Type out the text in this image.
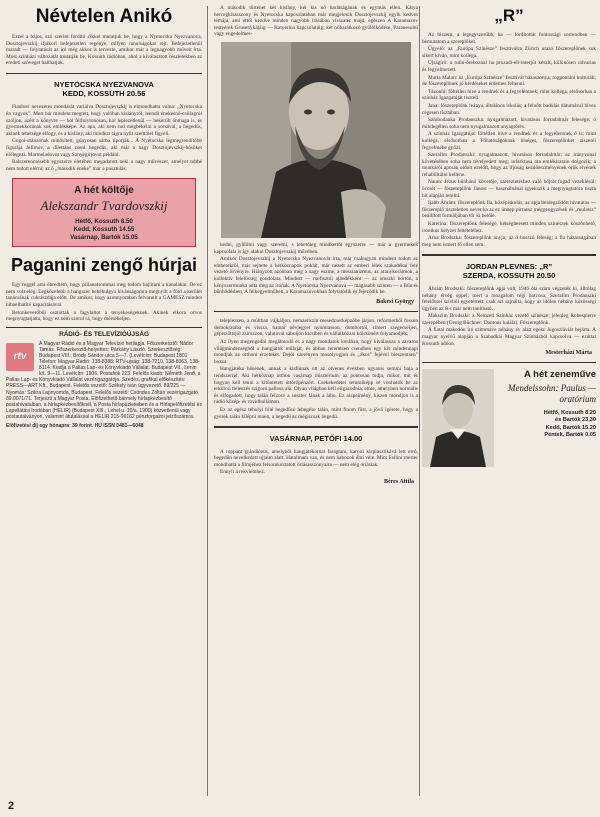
Névtelen Anikó

Ezzel a bájos, szó szerint forditó cikkel mutatjuk be, hogy a Nyetocska Nyezvanova, Dosztojevszkij ifjúkori befejezetlen regénye, milyen tanulságokat rejt. Befejezetlenül maradt — folytatását az író még akkor is tervezte, amikor már a legnagyobb műveit írta. Most színházi változatát mutatják be, Kossuth rádióban, ahol a kiválasztott részletekben az eredeti szöveget hallhatjuk.

NYETOCSKA NYEZVANOVA
KEDD, KOSSUTH 20.56

Flauberi nevezetes mondását variálva Dosztojevszkij is elmondhatta volna: „Nyetocska én vagyok”. Mert bár mindent megtett, hogy valóban kislányról, leendő énekesnő-csillagról szóljon, azért a könyvre — hol félfolytonosan, hol leplezetlenül — bekerült önmaga is, és gyermekkorának sok emlékképe. Az apa, aki nem tud megbékélni a sorsával, a hegedűs, akinek tehetsége elfogy, és a kislány, aki mindezt tágra nyílt szemmel figyeli.

Gogol-utánzónak minősített, gúnyosan sárba tiporják... A Nyetocska legmegrendítőbb figurája Jefimov, a dilettáns zseni hegedűs, aki már a nagy Dosztojevszkij-hősöket előlegezi. Marmeladovot vagy Sznyegirjovot például.

Balszerencsésebb egyszerre életében megadatott neki a nagy művészet, amelyet tobbé nem tudott elérni; az ő „második éneke” már a pusztulás.

A hét költője
Alekszandr Tvardovszkij
Hétfő, Kossuth 8.50
Kedd, Kossuth 14.55
Vasárnap, Bartók 15.05
Paganini zengő húrjai

Egy reggel arra ébredtem, hogy pillanatsommal meg tudom hajlítani a kanalakat. De ez nem volt elég. Legközelebb a hangszer bebéhulgya kivánságomra megnyílt a föld a kerület tanácsának cukrászdája előtt. De amikor, hogy azonnyomban felvonult a GAMESZ minden hibaelhárító kapacitásával.

Betonkeverőből osztottak a fagylaltot a tenyékeségeknek. Akinek elkora orvos megnyugtatjatta, hogy ez nem szorul rá, hogy mérsékeljen.

RÁDIÓ- ÉS TELEVÍZIÓÚJSÁG
rtv

A Magyar Rádió és a Magyar Televízió hetilapja. Főszerkesztő: Nádor Tamás. Főszerkesztő-helyettes: Párkány László. Szerkesztőség: Budapest VIII., Bródy Sándor utca 5—7. (Levélcím: Budapest 1801 Telefon: Magyar Rádió: 138-8388; RTV-ujság: 138-7210, 138-8063, 138-8114. Kiadja a Pallas Lap- és Könyvkiadó Vállalat. Budapest VII., Lenin krt. 9—11. Levélcím: 1906. Postafiók 223. Felelős kiadó: Németh Jenő, a Pallas Lap- és Könyvkiadó Vállalat vezérigazgatója. Szedés, grafikai előkészítés: PRESS—ART Kft., Budapest. Felelős vezető: Székely Iván ügyvezető. 89/225 — Nyomás: Szikra Lapnyomda, Budapest. Felelős vezető: Csöndes Zoltán vezérigazgató. 89.0071/71. Terjeszti a Magyar Posta. Előfizethető bármely hírlapkézbesítő postahivatalban, a hírlapkézbesítőknél, a Posta hírlapüzleteiben és a Hírlapelőfizetési és Lapellátási Irodában (HELIR) (Budapest XIII., Lehel u. 10/a. 1900) közvetlenül vagy postautalványon, valamint átutalással a HELIR 215-96162 pénzforgalmi jelzőszámra.

Előfizetési díj egy hónapra: 39 forint. HU ISSN 0481—6048

A második történet két kislány, két kis nő barátságának és egymás ellen. Kátya hercegkisasszony és Nyetocska kapcsolatában már megjelenik Dosztojevszkij egyik kedves témája, ami ettől kezdve minden nagyobb írásában visszatér majd, egészen A Karamazov testvérek Grusenykájáig — Katyerina kapcsolatáig: két nőbarátkozó gyűlölködése. Paranesolni vagy engedelmes-

kedni, gyűlölni vagy szeretni, s lehetőleg mindkettőt egyszerre — már a gyermekek kapcsolata is így alakul Dosztojevszkij művében.

Amikor Dosztojevszkij a Nyetocska Nyezvanovát írta, már csakugyan mindent tudott az emberekről, már sejtette a hétköznapok poklát, már nézett az emberi lélek szakadékai felé vezető ösvényre. Hiányzott azonban még a nagy eszme, a messianizmus, az aranykorálmok, a kollektív felelősség gondolata. Mindezt — mefisztói ajándékként — az omszki börtön, a kényszermunka adta meg az írónak. A Nyetocska Nyezvanova — magasabb színten — a Bűn és bűnhődésben, A félkegyelműben, a Karamazovokban folytatódik és fejeződik be.

Bakesi György

teleplezzen, a múltban vájkáljon, nemzetiszín mesedzserképzőbe járjon, reformerből fusson demokratába és vissza, hamar névjegyet nyomtasson, dombortól, címert szegecseljen, gépiszőttsjöl zsirozzon, valutával sáboljon kicsiben és vállalkozzai kölcsönért folyamodjék.

Az ilyen megengedni megálmodó és a nagy mondatok korában, hogy kiválassza a zavaros világmindenségből a hangjátok műfaját, és abban teremtsen csendben egy kis mindennapi mondjuk az otthoni érzeteket. Dejól szerényen mosolyogjon és „ókos” fejével bieszentsen” bozza.

Hangjátéka hősének, annak a kisfiúnak ott az otvenes években ugyanis semmi baja a rendszerrel. Aki hétköznap otthon vasárnap misztérium, az pontosan tudja, mikor, mit és hogyan kell tenni a kitüntetett úttörőpénzért. Csekekedetei semmiképp se vonhatók be az erkölcsi tiéleszés szigorú pallosa alá. Olyan világban kell eligazodnia, elnie, amelyben normális és elfogadott, hogy talán felzosv a suszter fának a labu. Ez alapelmény, hiszen mondjon is a rádió közép- és rovidhullámon.

Ez az egész tébolyl fólé hegedűsó lebegése talán, mint finom füst, a jövő igérete, hogy a gyerek talán kilépni innen, a hegedű az mégiscsak hegedű.

VASÁRNAP, PETŐFI 14.00

A roppant grándiózus, amelyből hangjátékomat faragtam, karcsú kisplasztikává lett erró, hegedűn nevelkedett ujjaim alatt. Hatalmam van, és nem habozok élni vele. Mint Fellini mester mondhatta a filmjéhez felsorakoztatott öriásasszonyaira — nem elég óriásiak.

Ennyit a rekviemhez.

Béres Attila
„R”

Az hiszem, a legegyszerűbb, ha — fordítottát fontossági sorrendben — bemutatom a szereplőket.

Ügyelő: az „Európa Színésze” fesztiválra Zürich utazó főszereplőnek sok sikert kíván, mint kolléga.

Újságíró: a rutin-öreboznal ha prozadi-ell-interjút készít, különösen udvarias és fegyelmezett.

Maria Malon: az „Európa Színésze” fesztivál házaszonya; rogpontáni kulturált, de főszereplőnek jó kérdéseket érdemes feltenni.

Tázonló: föltétlen hive a rendnek és a fegyelemnek; mint kolléga, elsősorban a színház Igazgatóját tiszteli.

Jana: főszereplőnk leánya, általános iskolás; a felnőtt badulás dátumával hívez cégesen tisztában.

Szlobodanka Prodanszka: nyugalmazott, hivatásos forradalmár felesége; ó mindegében soha nem nyugalmazott anyagtörés.

A színház Igazgatója: föltétlen hive a rendnek és a fegyelemnek ő is; mint kolléga, elsősorban a Főhatóságoknak híséges, főszereplőnket ziszeréi fegyelmébe győzi.

Szerafim Prodanszki: nyugalmazott, hivatásos forradalmár; az irányvonal követésében soha nem tévelyedett meg; infarktusa óta emlékiratain dolgozik; a munkáról apcsán oldott ezelőtt, hogy az ifjúság kezdőeszményének örök elvének rehabilitálni kellene.

Naum: Jézus bűnbánó követője, szereztetéshez való bőjtöt fogad vezeklésül: öccsét — főszereplőnk Jánost — használnánal igyekszik a megnyugtatóra tiszta hit alapján terelni.

Ijabb Ábrám: főszereplőnk fia, középiskolás; az apja beidegződött hívatatos — főszereplő tiszteletlen nevet ha az ez ünnep pirrassz méggeogyzések és „mulatsz” beállított formáljában tőr ki belőle.

Katerina: főszereplőnk felesége, kétségbeesett minden színészek köszönhető, ironikus helyzet feltételéhez.

Arna Brodszka: főszereplőnk anyja; az ő bosszú feleség; a fia házasságában meg nem ismert fő ellen sem.

JORDAN PLEVNES: „R”
SZERDA, KOSSUTH 20.50

Ábrám Brodszki: főszereplőnk apja volt, 1946 óta szám végzeték ki, álltólag néhány élvég oppel; mert a mozgalom régi harcosa, Szerafim Prodanszki felelőssel szívból egyetértett; csak azt sajnálta, hogy az időlen néhány közösségi ügyben az R-t már nem tanítható.

Makszim Brodszki: a Nemzeti Színház vezető színésze; jelenleg Robespierre szerepében (Georg Büchner: Dantons halála). Főszereplőnk.

A fiatal makedón író szimmáve néhány év alatt egész Jugoszláviát bejárta. A magyar nyelvű alapján a Szabadkai Magyar Színházból kapcsolva — ezúttal Kossuth adóon.

Mesterházi Márta
A hét zeneműve
Mendelssohn: Paulus — oratórium
Hétfő, Kossuth 8.20
és Bartók 23.30
Kedd, Bartók 15.20
Péntek, Bartók 0.05
2
